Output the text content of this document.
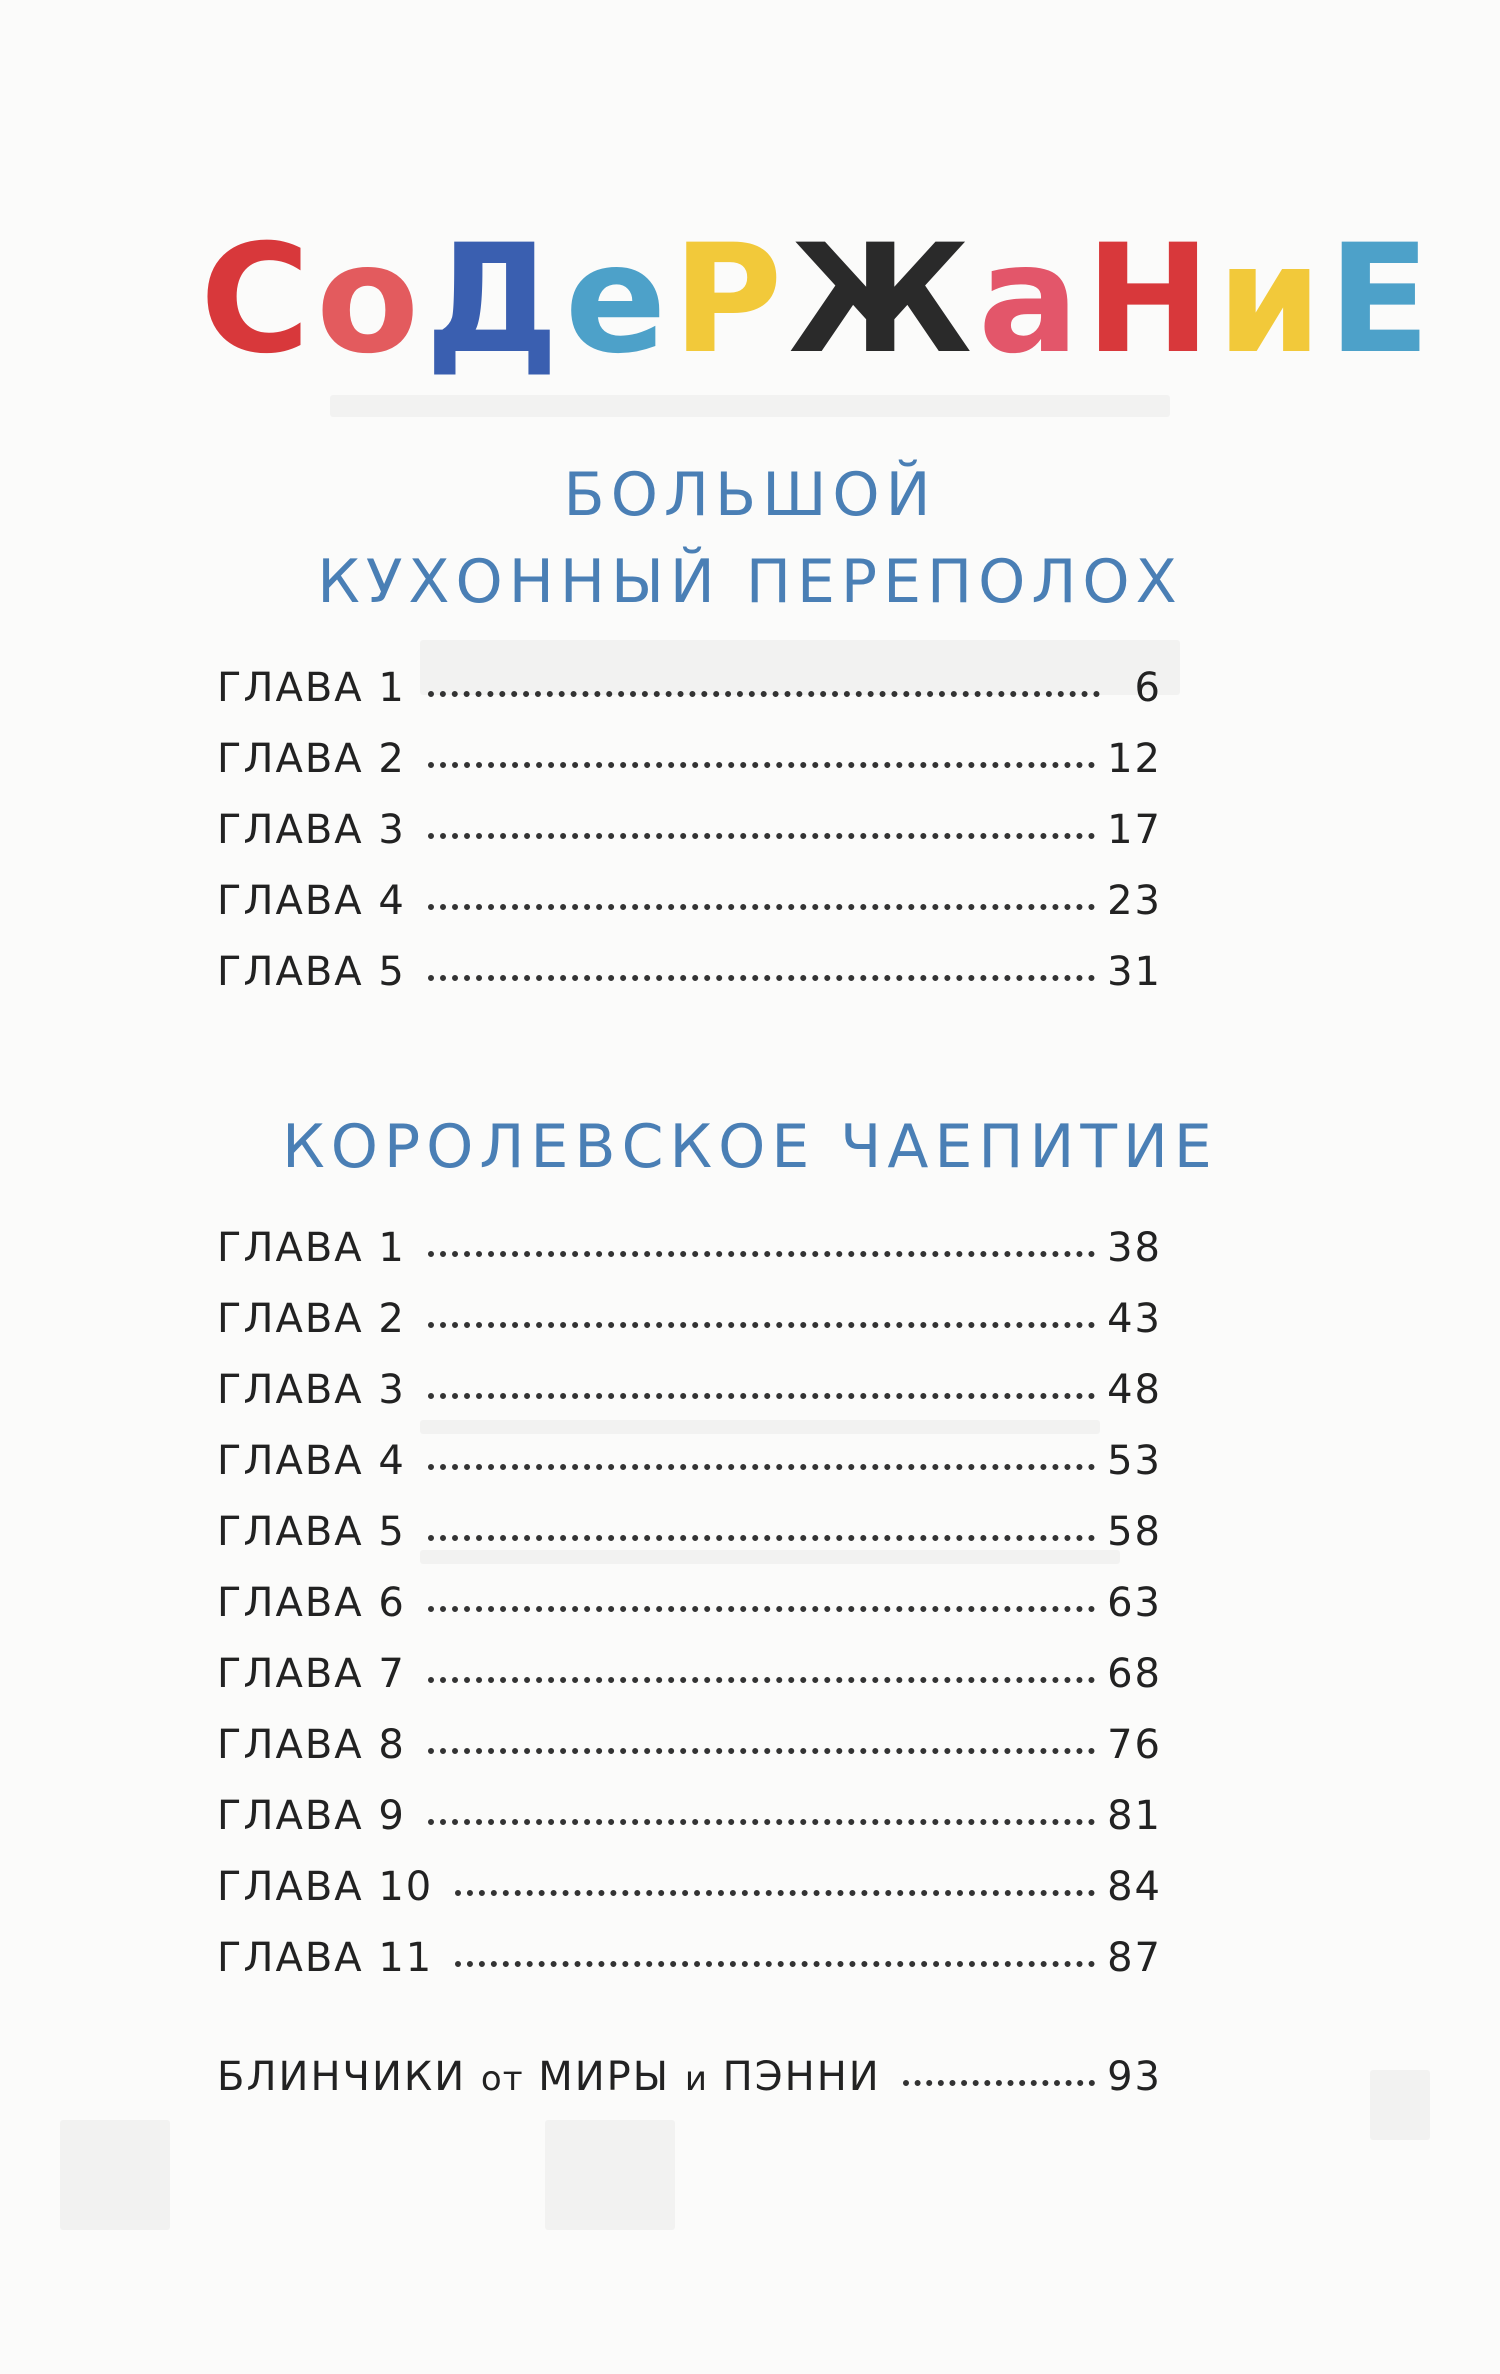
С о Д е Р Ж а Н и Е
БОЛЬШОЙ
КУХОННЫЙ ПЕРЕПОЛОХ
ГЛАВА 1	6
ГЛАВА 2	12
ГЛАВА 3	17
ГЛАВА 4	23
ГЛАВА 5	31
КОРОЛЕВСКОЕ ЧАЕПИТИЕ
ГЛАВА 1	38
ГЛАВА 2	43
ГЛАВА 3	48
ГЛАВА 4	53
ГЛАВА 5	58
ГЛАВА 6	63
ГЛАВА 7	68
ГЛАВА 8	76
ГЛАВА 9	81
ГЛАВА 10	84
ГЛАВА 11	87
БЛИНЧИКИ от МИРЫ и ПЭННИ	93
